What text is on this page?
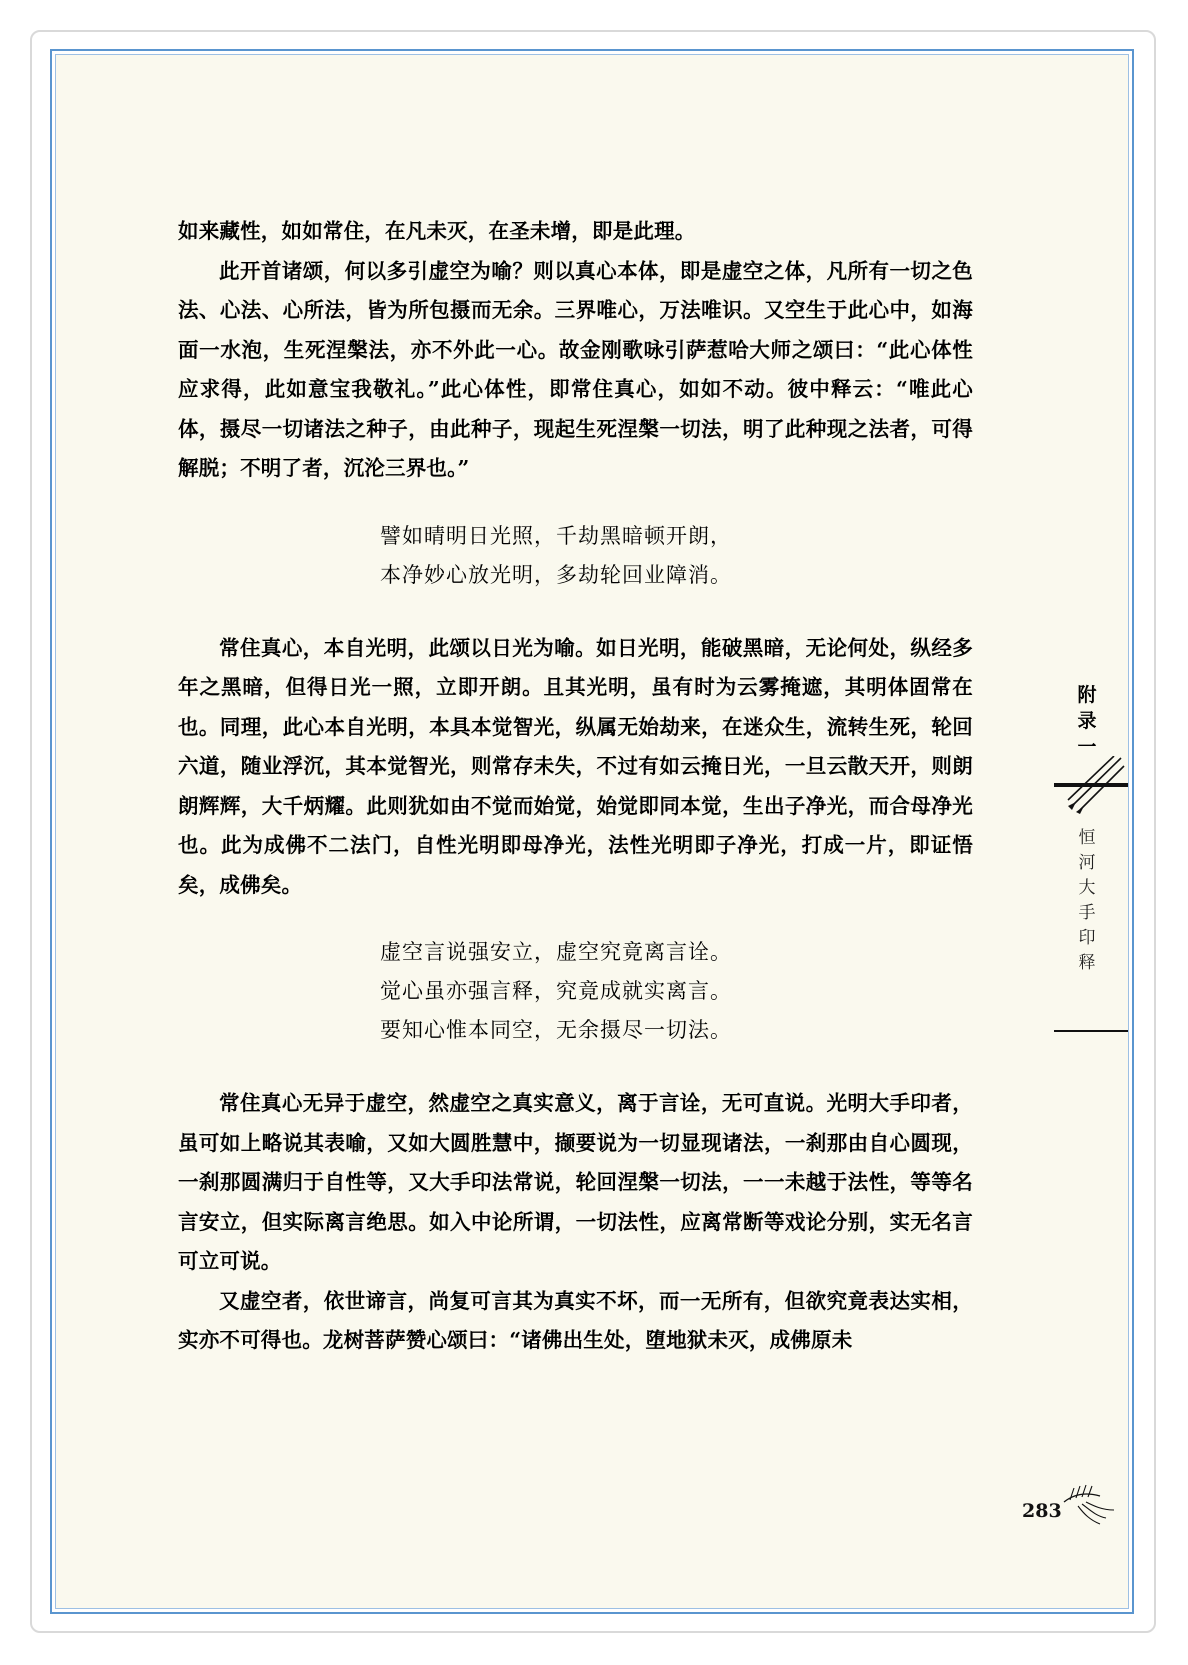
如来藏性，如如常住，在凡未灭，在圣未增，即是此理。

此开首诸颂，何以多引虚空为喻？则以真心本体，即是虚空之体，凡所有一切之色法、心法、心所法，皆为所包摄而无余。三界唯心，万法唯识。又空生于此心中，如海面一水泡，生死涅槃法，亦不外此一心。故金刚歌咏引萨惹哈大师之颂曰：“此心体性应求得，此如意宝我敬礼。”此心体性，即常住真心，如如不动。彼中释云：“唯此心体，摄尽一切诸法之种子，由此种子，现起生死涅槃一切法，明了此种现之法者，可得解脱；不明了者，沉沦三界也。”

譬如晴明日光照，千劫黑暗顿开朗，

本净妙心放光明，多劫轮回业障消。

常住真心，本自光明，此颂以日光为喻。如日光明，能破黑暗，无论何处，纵经多年之黑暗，但得日光一照，立即开朗。且其光明，虽有时为云雾掩遮，其明体固常在也。同理，此心本自光明，本具本觉智光，纵属无始劫来，在迷众生，流转生死，轮回六道，随业浮沉，其本觉智光，则常存未失，不过有如云掩日光，一旦云散天开，则朗朗辉辉，大千炳耀。此则犹如由不觉而始觉，始觉即同本觉，生出子净光，而合母净光也。此为成佛不二法门，自性光明即母净光，法性光明即子净光，打成一片，即证悟矣，成佛矣。

虚空言说强安立，虚空究竟离言诠。

觉心虽亦强言释，究竟成就实离言。

要知心惟本同空，无余摄尽一切法。

常住真心无异于虚空，然虚空之真实意义，离于言诠，无可直说。光明大手印者，虽可如上略说其表喻，又如大圆胜慧中，撷要说为一切显现诸法，一刹那由自心圆现，一刹那圆满归于自性等，又大手印法常说，轮回涅槃一切法，一一未越于法性，等等名言安立，但实际离言绝思。如入中论所谓，一切法性，应离常断等戏论分别，实无名言可立可说。

又虚空者，依世谛言，尚复可言其为真实不坏，而一无所有，但欲究竟表达实相，实亦不可得也。龙树菩萨赞心颂曰：“诸佛出生处，堕地狱未灭，成佛原未

附
录
一
恒
河
大
手
印
释
283
